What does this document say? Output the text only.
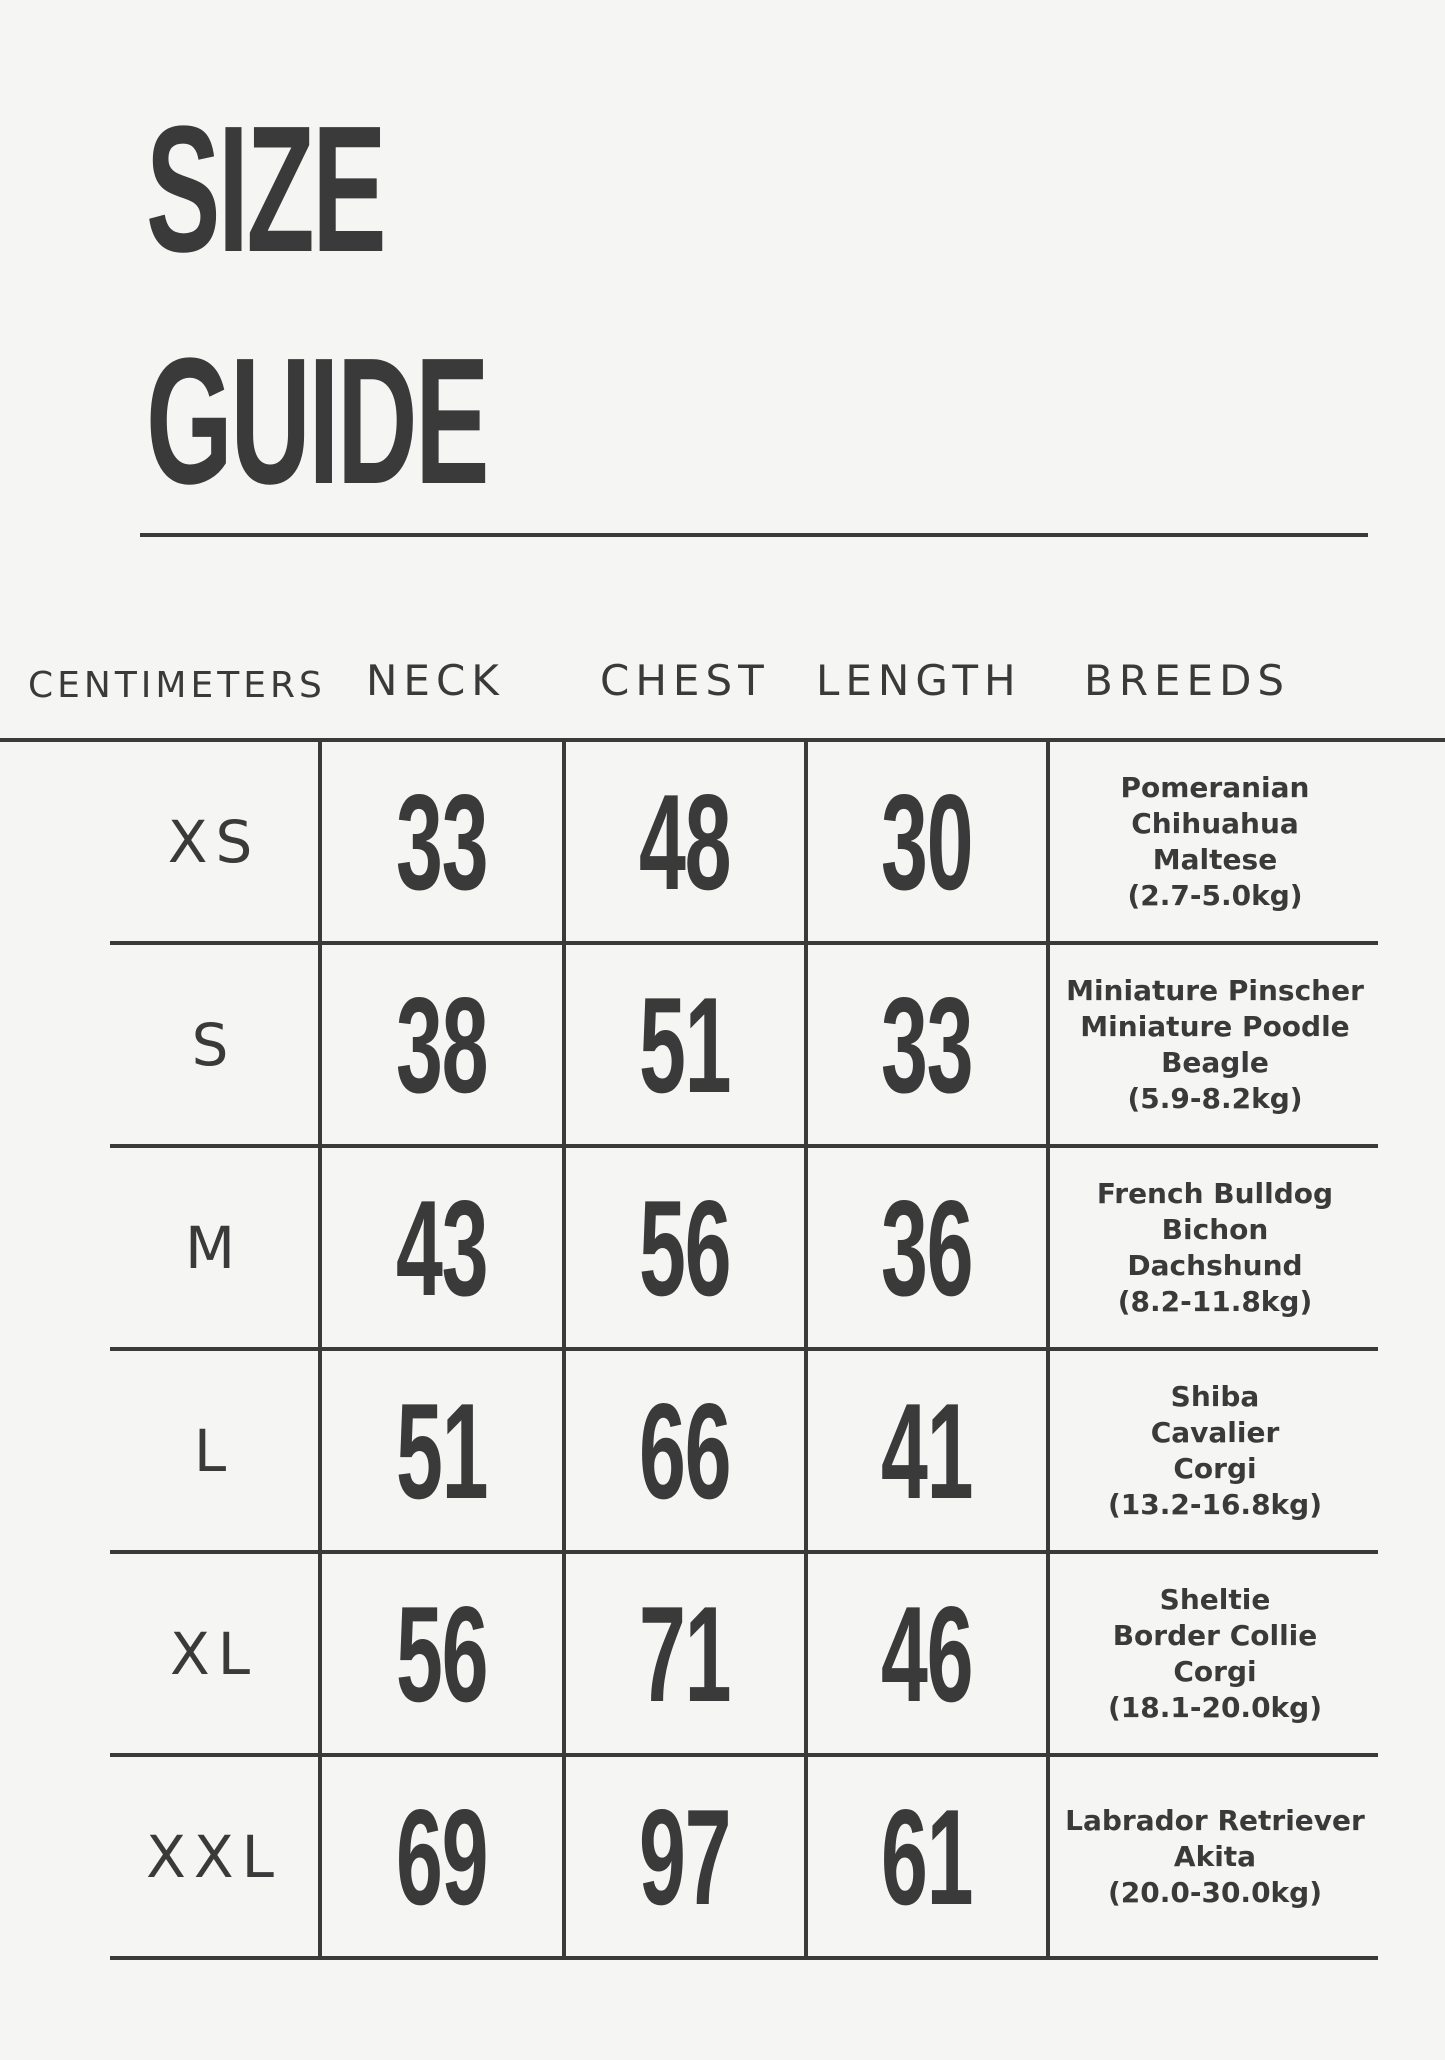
SIZE
GUIDE
CENTIMETERS NECK CHEST LENGTH BREEDS
XS	33 48 30	Pomeranian
Chihuahua
Maltese
(2.7-5.0kg)
S	38 51 33	Miniature Pinscher
Miniature Poodle
Beagle
(5.9-8.2kg)
M	43 56 36	French Bulldog
Bichon
Dachshund
(8.2-11.8kg)
L	51 66 41	Shiba
Cavalier
Corgi
(13.2-16.8kg)
XL	56 71 46	Sheltie
Border Collie
Corgi
(18.1-20.0kg)
XXL 69 97 61	Labrador Retriever
Akita
(20.0-30.0kg)
